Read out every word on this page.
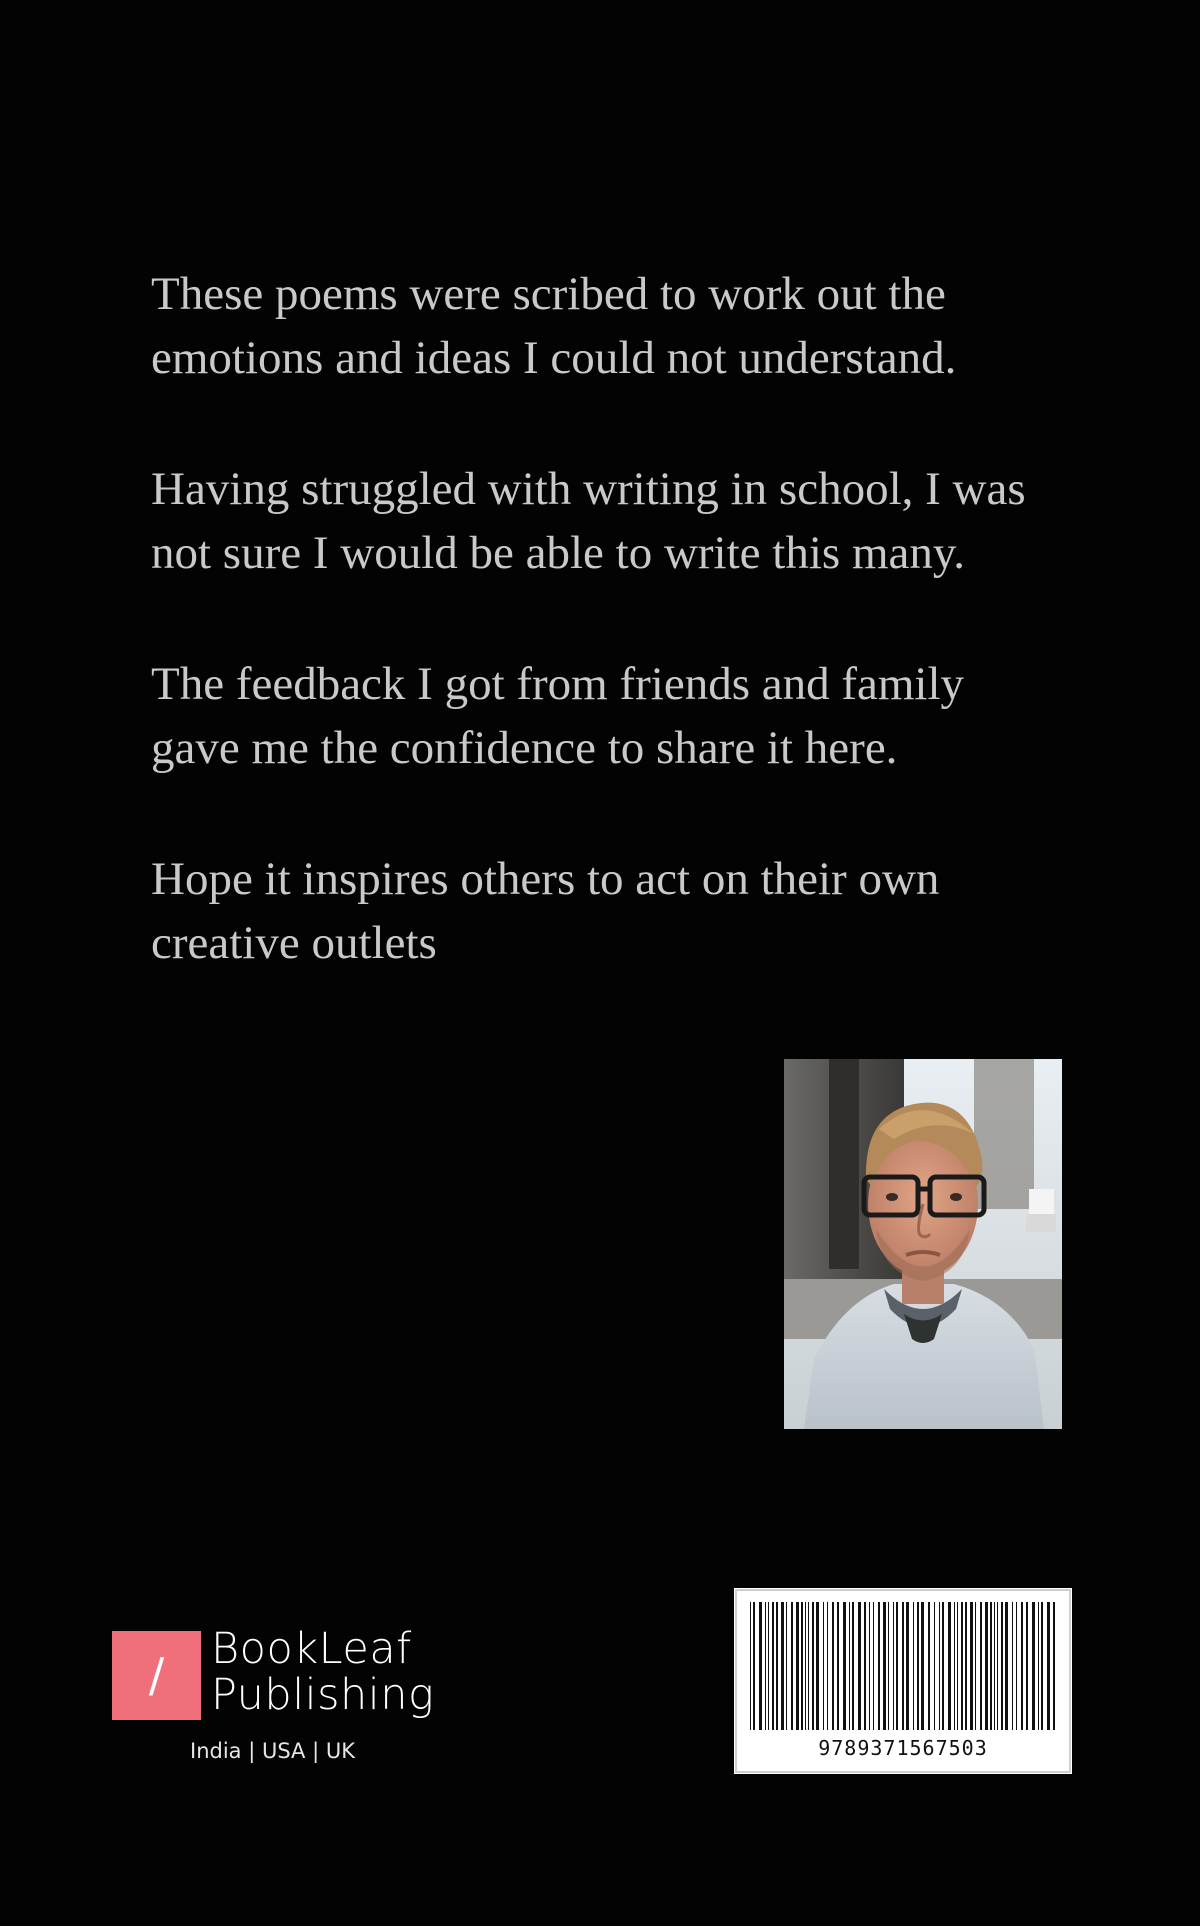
These poems were scribed to work out the
emotions and ideas I could not understand.

Having struggled with writing in school, I was
not sure I would be able to write this many.

The feedback I got from friends and family
gave me the confidence to share it here.

Hope it inspires others to act on their own
creative outlets

/	BookLeaf
Publishing
India | USA | UK	9789371567503
